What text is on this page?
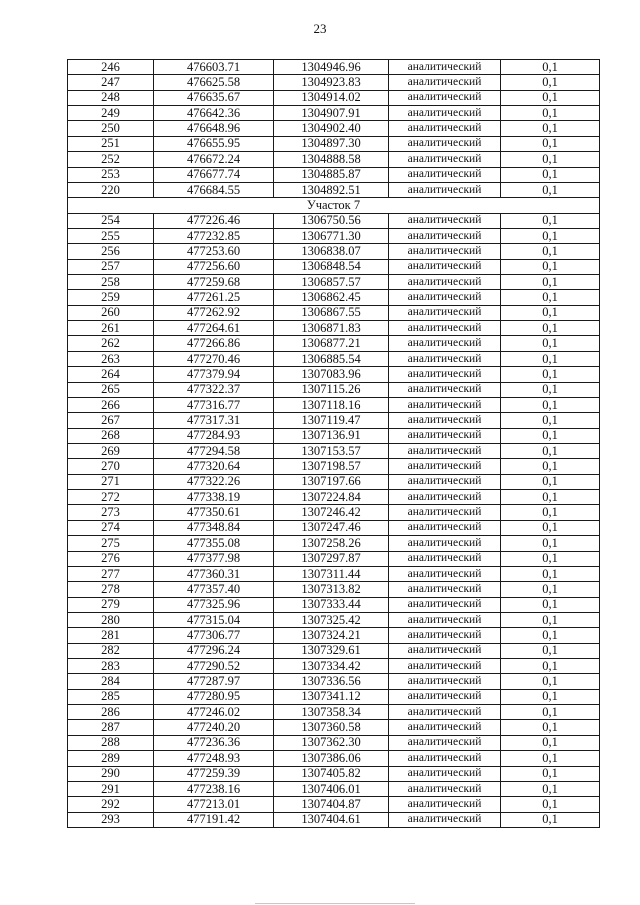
23
246	476603.71	1304946.96	аналитический	0,1
247	476625.58	1304923.83	аналитический	0,1
248	476635.67	1304914.02	аналитический	0,1
249	476642.36	1304907.91	аналитический	0,1
250	476648.96	1304902.40	аналитический	0,1
251	476655.95	1304897.30	аналитический	0,1
252	476672.24	1304888.58	аналитический	0,1
253	476677.74	1304885.87	аналитический	0,1
220	476684.55	1304892.51	аналитический	0,1
Участок 7				
254	477226.46	1306750.56	аналитический	0,1
255	477232.85	1306771.30	аналитический	0,1
256	477253.60	1306838.07	аналитический	0,1
257	477256.60	1306848.54	аналитический	0,1
258	477259.68	1306857.57	аналитический	0,1
259	477261.25	1306862.45	аналитический	0,1
260	477262.92	1306867.55	аналитический	0,1
261	477264.61	1306871.83	аналитический	0,1
262	477266.86	1306877.21	аналитический	0,1
263	477270.46	1306885.54	аналитический	0,1
264	477379.94	1307083.96	аналитический	0,1
265	477322.37	1307115.26	аналитический	0,1
266	477316.77	1307118.16	аналитический	0,1
267	477317.31	1307119.47	аналитический	0,1
268	477284.93	1307136.91	аналитический	0,1
269	477294.58	1307153.57	аналитический	0,1
270	477320.64	1307198.57	аналитический	0,1
271	477322.26	1307197.66	аналитический	0,1
272	477338.19	1307224.84	аналитический	0,1
273	477350.61	1307246.42	аналитический	0,1
274	477348.84	1307247.46	аналитический	0,1
275	477355.08	1307258.26	аналитический	0,1
276	477377.98	1307297.87	аналитический	0,1
277	477360.31	1307311.44	аналитический	0,1
278	477357.40	1307313.82	аналитический	0,1
279	477325.96	1307333.44	аналитический	0,1
280	477315.04	1307325.42	аналитический	0,1
281	477306.77	1307324.21	аналитический	0,1
282	477296.24	1307329.61	аналитический	0,1
283	477290.52	1307334.42	аналитический	0,1
284	477287.97	1307336.56	аналитический	0,1
285	477280.95	1307341.12	аналитический	0,1
286	477246.02	1307358.34	аналитический	0,1
287	477240.20	1307360.58	аналитический	0,1
288	477236.36	1307362.30	аналитический	0,1
289	477248.93	1307386.06	аналитический	0,1
290	477259.39	1307405.82	аналитический	0,1
291	477238.16	1307406.01	аналитический	0,1
292	477213.01	1307404.87	аналитический	0,1
293	477191.42	1307404.61	аналитический	0,1
